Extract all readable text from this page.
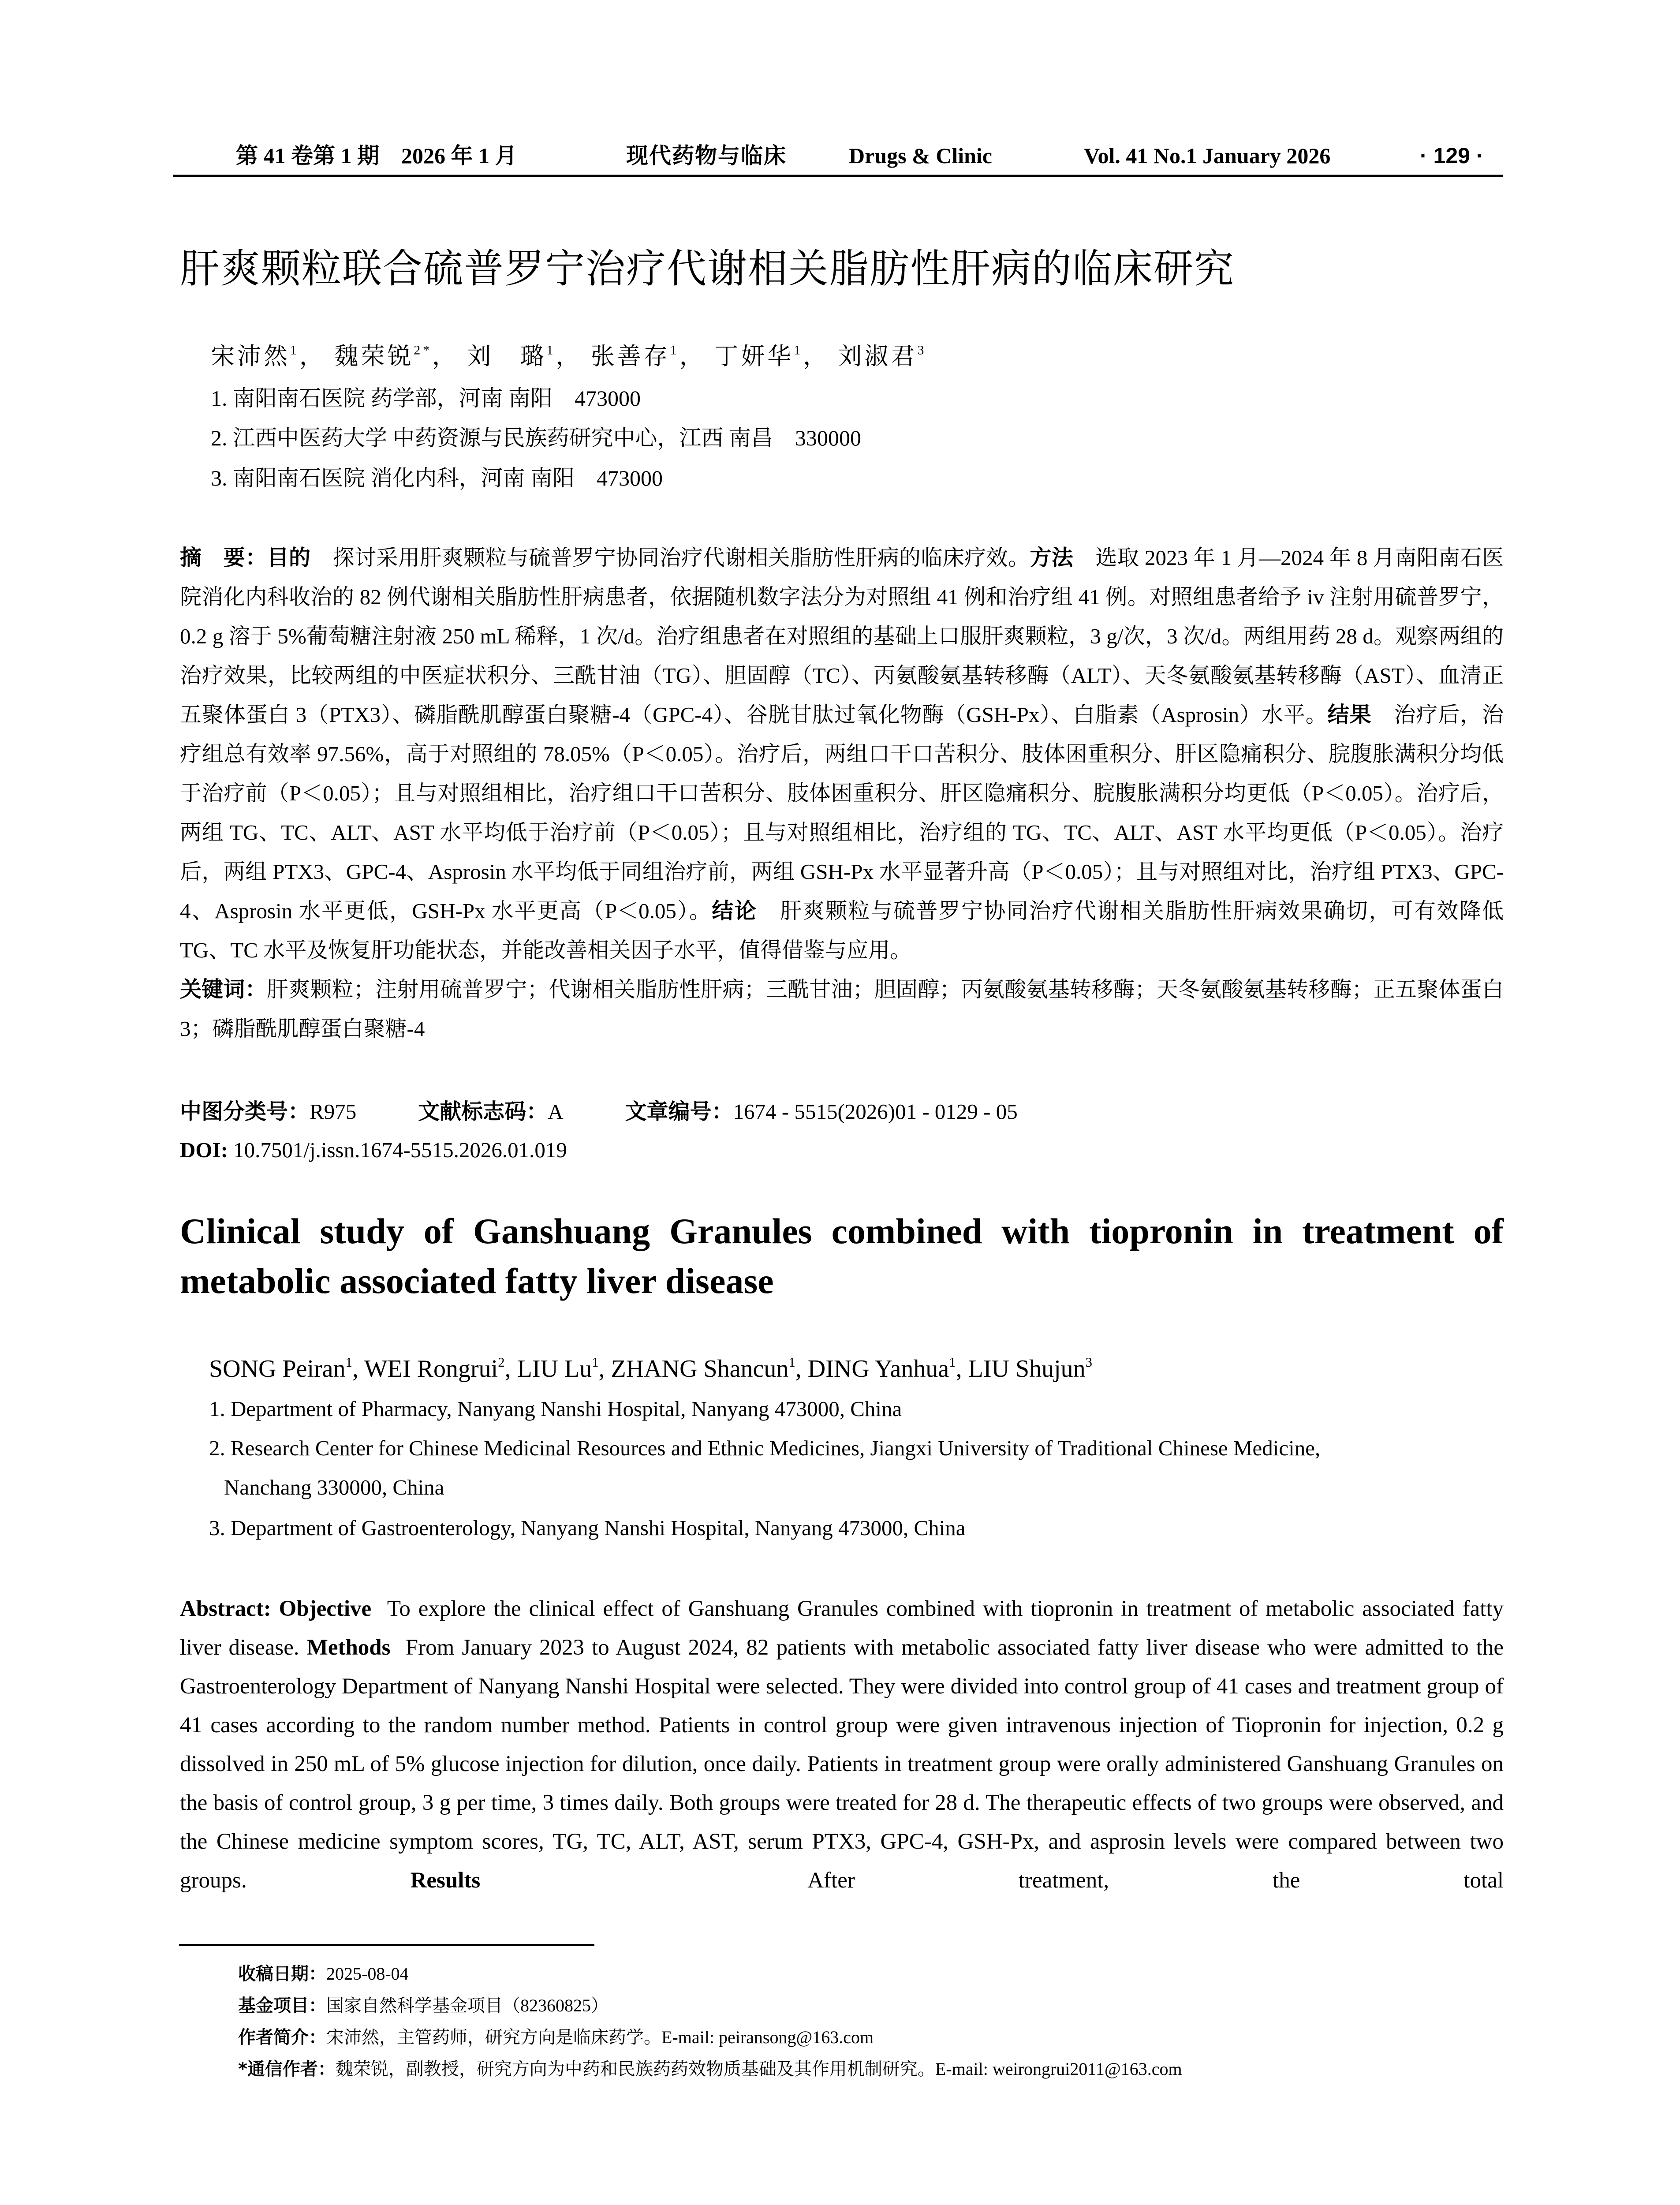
第 41 卷第 1 期　2026 年 1 月	现代药物与临床	Drugs & Clinic	Vol. 41 No.1 January 2026	· 129 ·
肝爽颗粒联合硫普罗宁治疗代谢相关脂肪性肝病的临床研究
宋沛然$^1$， 魏荣锐$^{2*}$， 刘　璐$^1$， 张善存$^1$， 丁妍华$^1$， 刘淑君$^3$
1. 南阳南石医院 药学部，河南 南阳　473000
2. 江西中医药大学 中药资源与民族药研究中心，江西 南昌　330000
3. 南阳南石医院 消化内科，河南 南阳　473000
摘　要：目的 探讨采用肝爽颗粒与硫普罗宁协同治疗代谢相关脂肪性肝病的临床疗效。方法 选取 2023 年 1 月—2024 年 8 月南阳南石医院消化内科收治的 82 例代谢相关脂肪性肝病患者，依据随机数字法分为对照组 41 例和治疗组 41 例。对照组患者给予 iv 注射用硫普罗宁，0.2 g 溶于 5%葡萄糖注射液 250 mL 稀释，1 次/d。治疗组患者在对照组的基础上口服肝爽颗粒，3 g/次，3 次/d。两组用药 28 d。观察两组的治疗效果，比较两组的中医症状积分、三酰甘油（TG）、胆固醇（TC）、丙氨酸氨基转移酶（ALT）、天冬氨酸氨基转移酶（AST）、血清正五聚体蛋白 3（PTX3）、磷脂酰肌醇蛋白聚糖-4（GPC-4）、谷胱甘肽过氧化物酶（GSH-Px）、白脂素（Asprosin）水平。结果 治疗后，治疗组总有效率 97.56%，高于对照组的 78.05%（P＜0.05）。治疗后，两组口干口苦积分、肢体困重积分、肝区隐痛积分、脘腹胀满积分均低于治疗前（P＜0.05）；且与对照组相比，治疗组口干口苦积分、肢体困重积分、肝区隐痛积分、脘腹胀满积分均更低（P＜0.05）。治疗后，两组 TG、TC、ALT、AST 水平均低于治疗前（P＜0.05）；且与对照组相比，治疗组的 TG、TC、ALT、AST 水平均更低（P＜0.05）。治疗后，两组 PTX3、GPC-4、Asprosin 水平均低于同组治疗前，两组 GSH-Px 水平显著升高（P＜0.05）；且与对照组对比，治疗组 PTX3、GPC-4、Asprosin 水平更低，GSH-Px 水平更高（P＜0.05）。结论 肝爽颗粒与硫普罗宁协同治疗代谢相关脂肪性肝病效果确切，可有效降低 TG、TC 水平及恢复肝功能状态，并能改善相关因子水平，值得借鉴与应用。
关键词：肝爽颗粒；注射用硫普罗宁；代谢相关脂肪性肝病；三酰甘油；胆固醇；丙氨酸氨基转移酶；天冬氨酸氨基转移酶；正五聚体蛋白 3；磷脂酰肌醇蛋白聚糖-4
中图分类号：R975	文献标志码：A	文章编号：1674 - 5515(2026)01 - 0129 - 05
DOI: 10.7501/j.issn.1674-5515.2026.01.019
Clinical study of Ganshuang Granules combined with tiopronin in treatment of metabolic associated fatty liver disease
SONG Peiran$^1$, WEI Rongrui$^2$, LIU Lu$^1$, ZHANG Shancun$^1$, DING Yanhua$^1$, LIU Shujun$^3$
1. Department of Pharmacy, Nanyang Nanshi Hospital, Nanyang 473000, China
2. Research Center for Chinese Medicinal Resources and Ethnic Medicines, Jiangxi University of Traditional Chinese Medicine,
Nanchang 330000, China
3. Department of Gastroenterology, Nanyang Nanshi Hospital, Nanyang 473000, China
Abstract: Objective To explore the clinical effect of Ganshuang Granules combined with tiopronin in treatment of metabolic associated fatty liver disease. Methods From January 2023 to August 2024, 82 patients with metabolic associated fatty liver disease who were admitted to the Gastroenterology Department of Nanyang Nanshi Hospital were selected. They were divided into control group of 41 cases and treatment group of 41 cases according to the random number method. Patients in control group were given intravenous injection of Tiopronin for injection, 0.2 g dissolved in 250 mL of 5% glucose injection for dilution, once daily. Patients in treatment group were orally administered Ganshuang Granules on the basis of control group, 3 g per time, 3 times daily. Both groups were treated for 28 d. The therapeutic effects of two groups were observed, and the Chinese medicine symptom scores, TG, TC, ALT, AST, serum PTX3, GPC-4, GSH-Px, and asprosin levels were compared between two groups.	Results	After treatment, the total
收稿日期：2025-08-04
基金项目：国家自然科学基金项目（82360825）
作者简介：宋沛然，主管药师，研究方向是临床药学。E-mail: peiransong@163.com
*通信作者：魏荣锐，副教授，研究方向为中药和民族药药效物质基础及其作用机制研究。E-mail: weirongrui2011@163.com
